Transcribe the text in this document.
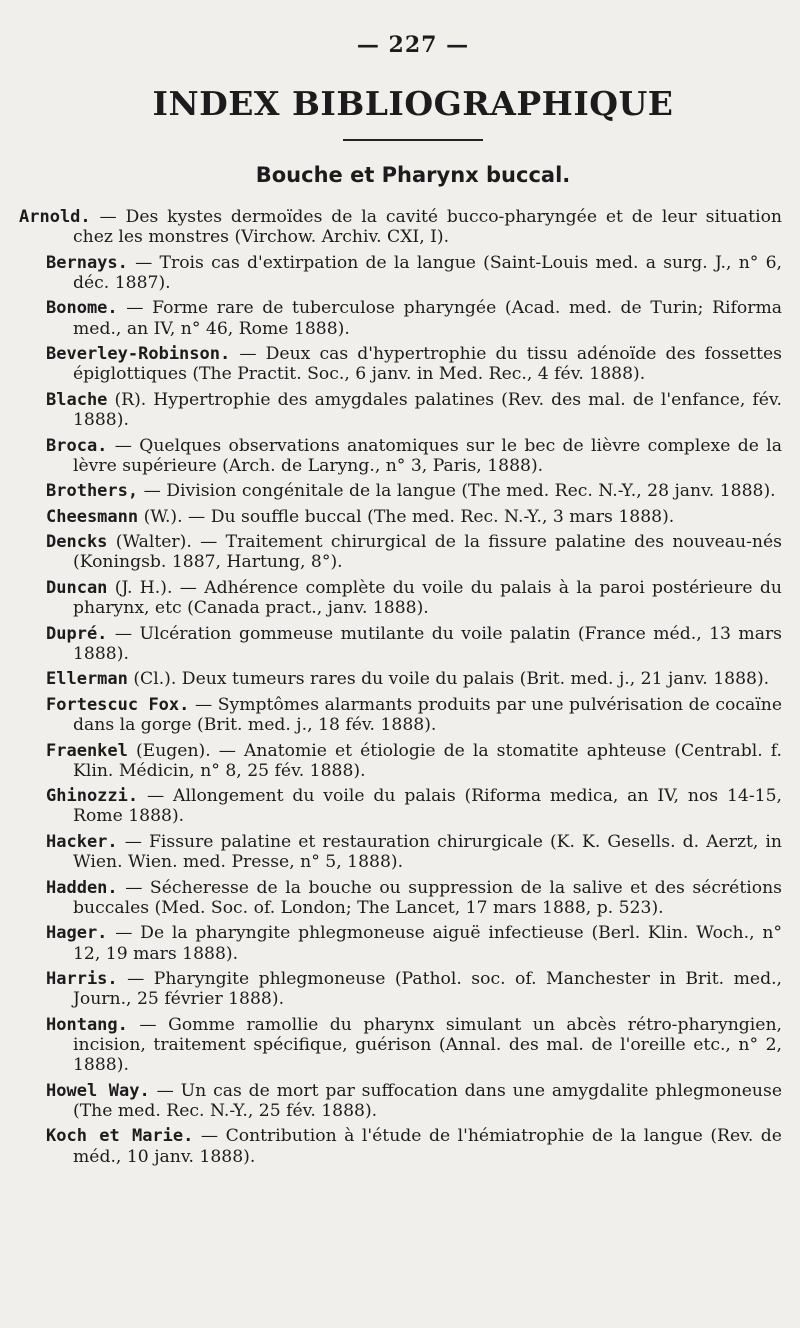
— 227 —
INDEX BIBLIOGRAPHIQUE
Bouche et Pharynx buccal.
Arnold. — Des kystes dermoïdes de la cavité bucco-pharyngée et de leur situation chez les monstres (Virchow. Archiv. CXI, I).
Bernays. — Trois cas d'extirpation de la langue (Saint-Louis med. a surg. J., n° 6, déc. 1887).
Bonome. — Forme rare de tuberculose pharyngée (Acad. med. de Turin; Riforma med., an IV, n° 46, Rome 1888).
Beverley-Robinson. — Deux cas d'hypertrophie du tissu adénoïde des fossettes épiglottiques (The Practit. Soc., 6 janv. in Med. Rec., 4 fév. 1888).
Blache (R). Hypertrophie des amygdales palatines (Rev. des mal. de l'enfance, fév. 1888).
Broca. — Quelques observations anatomiques sur le bec de lièvre complexe de la lèvre supérieure (Arch. de Laryng., n° 3, Paris, 1888).
Brothers, — Division congénitale de la langue (The med. Rec. N.-Y., 28 janv. 1888).
Cheesmann (W.). — Du souffle buccal (The med. Rec. N.-Y., 3 mars 1888).
Dencks (Walter). — Traitement chirurgical de la fissure palatine des nouveau-nés (Koningsb. 1887, Hartung, 8°).
Duncan (J. H.). — Adhérence complète du voile du palais à la paroi postérieure du pharynx, etc (Canada pract., janv. 1888).
Dupré. — Ulcération gommeuse mutilante du voile palatin (France méd., 13 mars 1888).
Ellerman (Cl.). Deux tumeurs rares du voile du palais (Brit. med. j., 21 janv. 1888).
Fortescuc Fox. — Symptômes alarmants produits par une pulvérisation de cocaïne dans la gorge (Brit. med. j., 18 fév. 1888).
Fraenkel (Eugen). — Anatomie et étiologie de la stomatite aphteuse (Centrabl. f. Klin. Médicin, n° 8, 25 fév. 1888).
Ghinozzi. — Allongement du voile du palais (Riforma medica, an IV, nos 14-15, Rome 1888).
Hacker. — Fissure palatine et restauration chirurgicale (K. K. Gesells. d. Aerzt, in Wien. Wien. med. Presse, n° 5, 1888).
Hadden. — Sécheresse de la bouche ou suppression de la salive et des sécrétions buccales (Med. Soc. of. London; The Lancet, 17 mars 1888, p. 523).
Hager. — De la pharyngite phlegmoneuse aiguë infectieuse (Berl. Klin. Woch., n° 12, 19 mars 1888).
Harris. — Pharyngite phlegmoneuse (Pathol. soc. of. Manchester in Brit. med., Journ., 25 février 1888).
Hontang. — Gomme ramollie du pharynx simulant un abcès rétro-pharyngien, incision, traitement spécifique, guérison (Annal. des mal. de l'oreille etc., n° 2, 1888).
Howel Way. — Un cas de mort par suffocation dans une amygdalite phlegmoneuse (The med. Rec. N.-Y., 25 fév. 1888).
Koch et Marie. — Contribution à l'étude de l'hémiatrophie de la langue (Rev. de méd., 10 janv. 1888).
